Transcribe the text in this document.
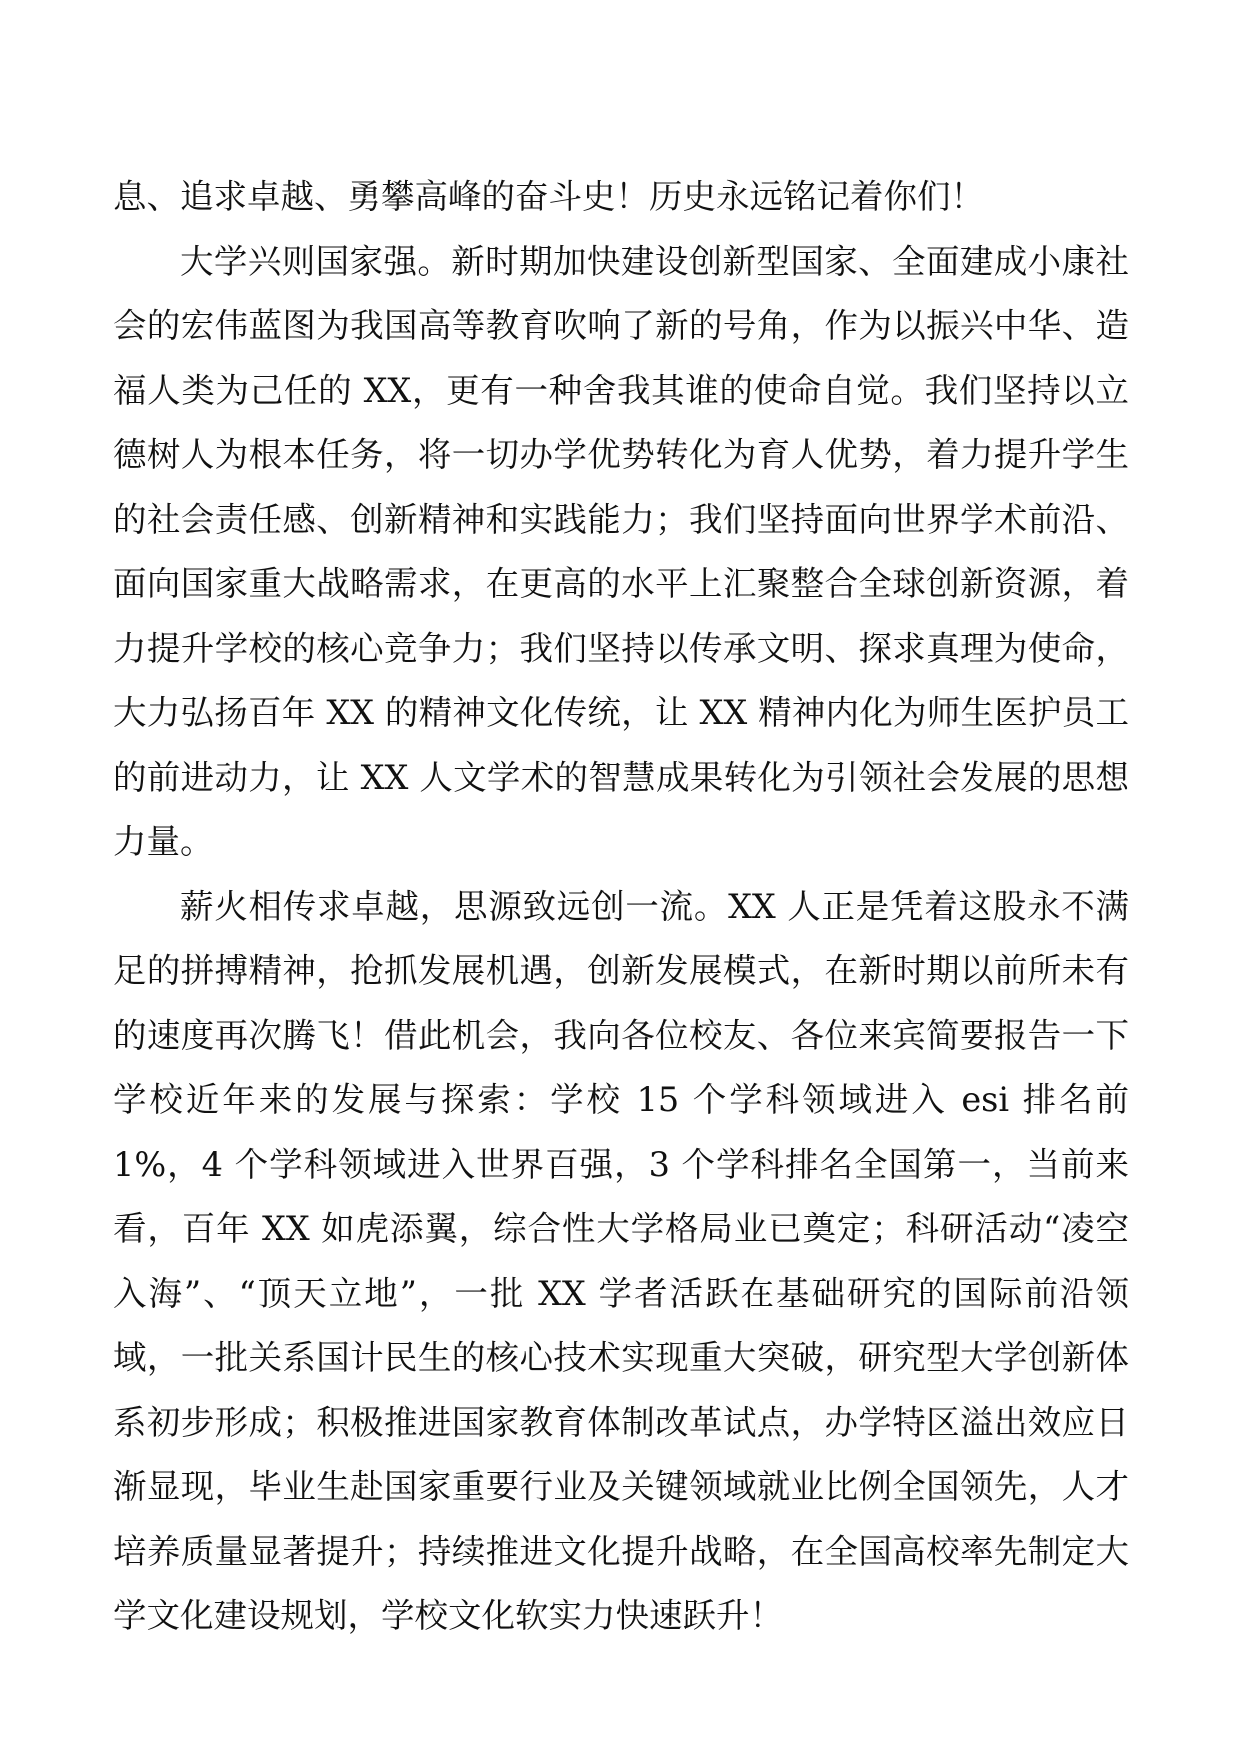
息、追求卓越、勇攀高峰的奋斗史！历史永远铭记着你们！

大学兴则国家强。新时期加快建设创新型国家、全面建成小康社会的宏伟蓝图为我国高等教育吹响了新的号角，作为以振兴中华、造福人类为己任的 XX，更有一种舍我其谁的使命自觉。我们坚持以立德树人为根本任务，将一切办学优势转化为育人优势，着力提升学生的社会责任感、创新精神和实践能力；我们坚持面向世界学术前沿、面向国家重大战略需求，在更高的水平上汇聚整合全球创新资源，着力提升学校的核心竞争力；我们坚持以传承文明、探求真理为使命，大力弘扬百年 XX 的精神文化传统，让 XX 精神内化为师生医护员工的前进动力，让 XX 人文学术的智慧成果转化为引领社会发展的思想力量。

薪火相传求卓越，思源致远创一流。XX 人正是凭着这股永不满足的拼搏精神，抢抓发展机遇，创新发展模式，在新时期以前所未有的速度再次腾飞！借此机会，我向各位校友、各位来宾简要报告一下学校近年来的发展与探索：学校 15 个学科领域进入 esi 排名前 1%，4 个学科领域进入世界百强，3 个学科排名全国第一，当前来看，百年 XX 如虎添翼，综合性大学格局业已奠定；科研活动“凌空入海”、“顶天立地”，一批 XX 学者活跃在基础研究的国际前沿领域，一批关系国计民生的核心技术实现重大突破，研究型大学创新体系初步形成；积极推进国家教育体制改革试点，办学特区溢出效应日渐显现，毕业生赴国家重要行业及关键领域就业比例全国领先，人才培养质量显著提升；持续推进文化提升战略，在全国高校率先制定大学文化建设规划，学校文化软实力快速跃升！
